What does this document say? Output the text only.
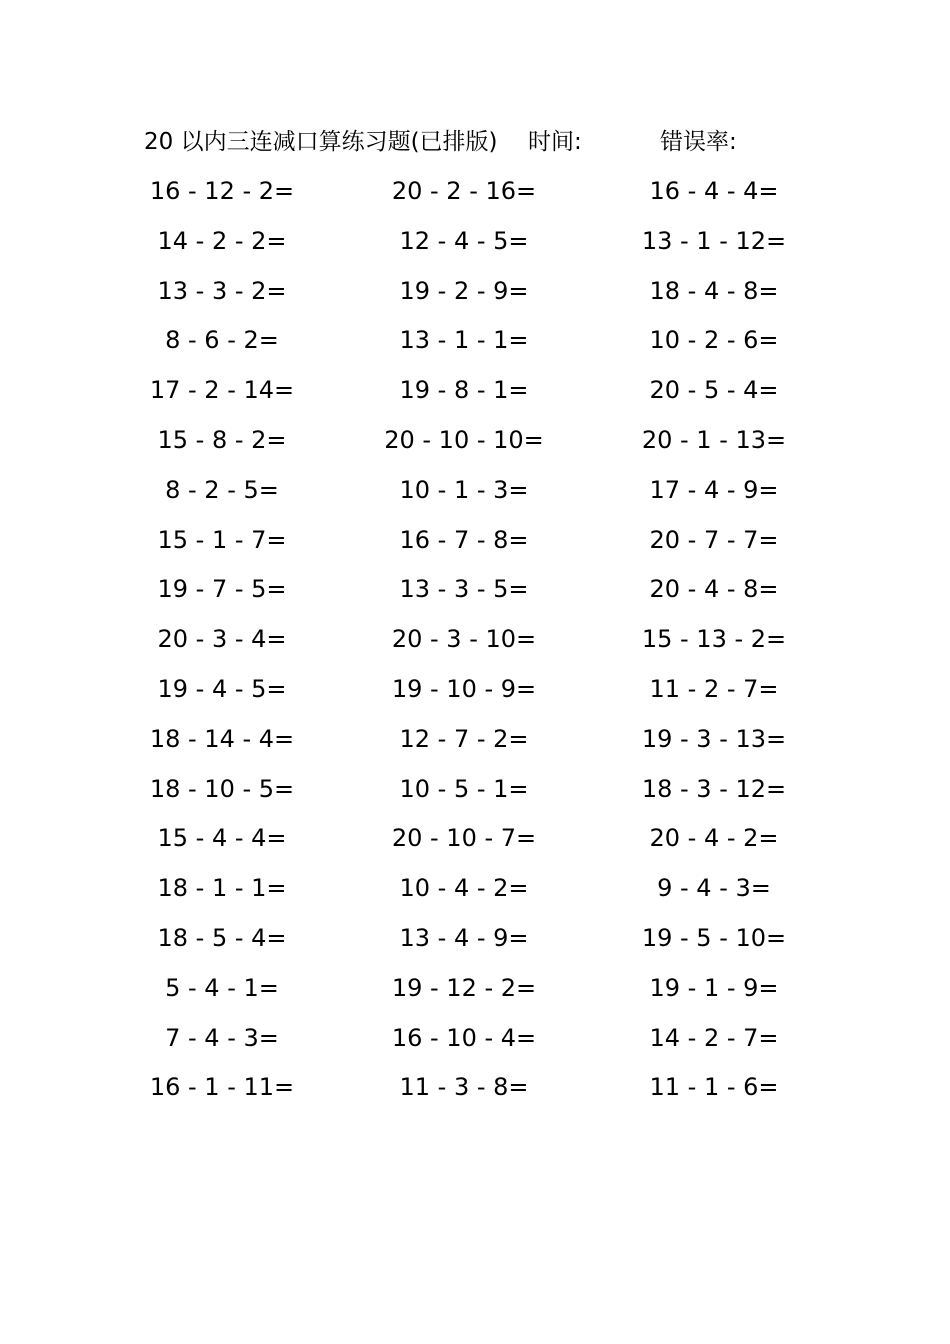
20 以内三连减口算练习题(已排版) 时间:	错误率:
16 - 12 - 2=	20 - 2 - 16=	16 - 4 - 4=
14 - 2 - 2=	12 - 4 - 5=	13 - 1 - 12=
13 - 3 - 2=	19 - 2 - 9=	18 - 4 - 8=
8 - 6 - 2=	13 - 1 - 1=	10 - 2 - 6=
17 - 2 - 14=	19 - 8 - 1=	20 - 5 - 4=
15 - 8 - 2=	20 - 10 - 10=	20 - 1 - 13=
8 - 2 - 5=	10 - 1 - 3=	17 - 4 - 9=
15 - 1 - 7=	16 - 7 - 8=	20 - 7 - 7=
19 - 7 - 5=	13 - 3 - 5=	20 - 4 - 8=
20 - 3 - 4=	20 - 3 - 10=	15 - 13 - 2=
19 - 4 - 5=	19 - 10 - 9=	11 - 2 - 7=
18 - 14 - 4=	12 - 7 - 2=	19 - 3 - 13=
18 - 10 - 5=	10 - 5 - 1=	18 - 3 - 12=
15 - 4 - 4=	20 - 10 - 7=	20 - 4 - 2=
18 - 1 - 1=	10 - 4 - 2=	9 - 4 - 3=
18 - 5 - 4=	13 - 4 - 9=	19 - 5 - 10=
5 - 4 - 1=	19 - 12 - 2=	19 - 1 - 9=
7 - 4 - 3=	16 - 10 - 4=	14 - 2 - 7=
16 - 1 - 11=	11 - 3 - 8=	11 - 1 - 6=
